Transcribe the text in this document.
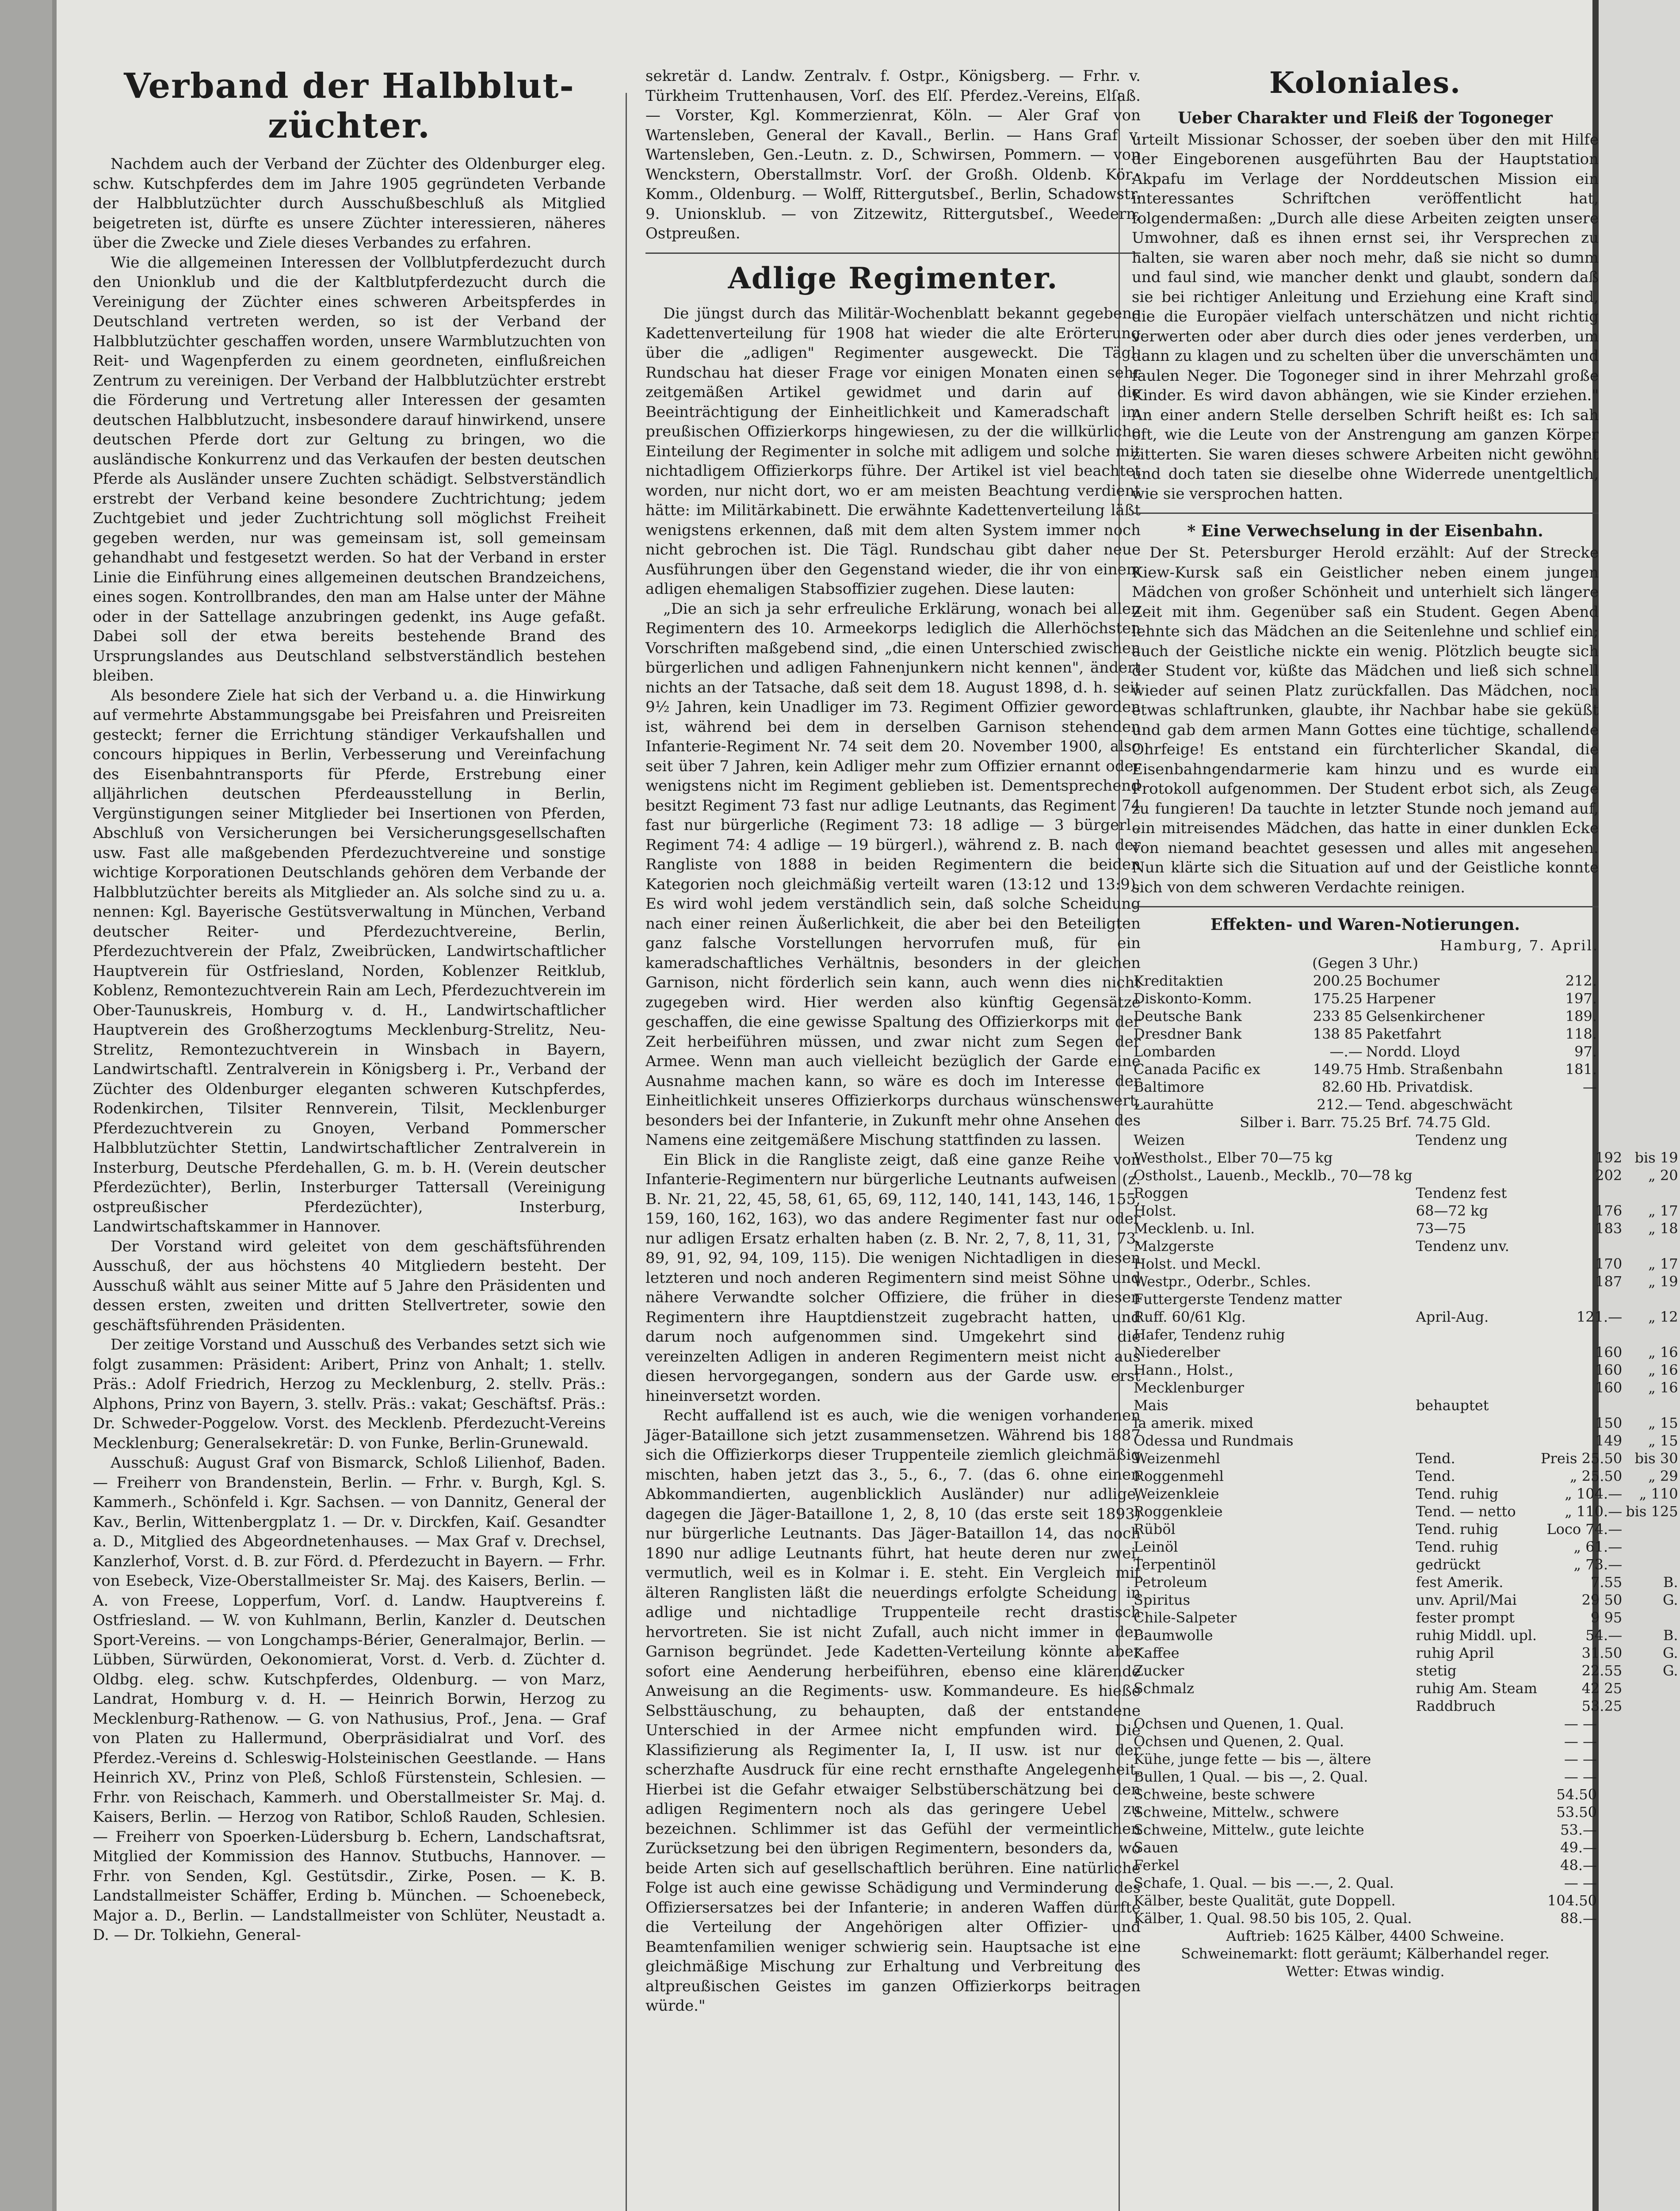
Verband der Halbblut-
züchter.

Nachdem auch der Verband der Züchter des Oldenburger eleg. schw. Kutschpferdes dem im Jahre 1905 gegründeten Verbande der Halbblutzüchter durch Ausschußbeschluß als Mitglied beigetreten ist, dürfte es unsere Züchter interessieren, näheres über die Zwecke und Ziele dieses Verbandes zu erfahren.

Wie die allgemeinen Interessen der Vollblutpferdezucht durch den Unionklub und die der Kaltblutpferdezucht durch die Vereinigung der Züchter eines schweren Arbeitspferdes in Deutschland vertreten werden, so ist der Verband der Halbblutzüchter geschaffen worden, unsere Warmblutzuchten von Reit- und Wagenpferden zu einem geordneten, einflußreichen Zentrum zu vereinigen. Der Verband der Halbblutzüchter erstrebt die Förderung und Vertretung aller Interessen der gesamten deutschen Halbblutzucht, insbesondere darauf hinwirkend, unsere deutschen Pferde dort zur Geltung zu bringen, wo die ausländische Konkurrenz und das Verkaufen der besten deutschen Pferde als Ausländer unsere Zuchten schädigt. Selbstverständlich erstrebt der Verband keine besondere Zuchtrichtung; jedem Zuchtgebiet und jeder Zuchtrichtung soll möglichst Freiheit gegeben werden, nur was gemeinsam ist, soll gemeinsam gehandhabt und festgesetzt werden. So hat der Verband in erster Linie die Einführung eines allgemeinen deutschen Brandzeichens, eines sogen. Kontrollbrandes, den man am Halse unter der Mähne oder in der Sattellage anzubringen gedenkt, ins Auge gefaßt. Dabei soll der etwa bereits bestehende Brand des Ursprungslandes aus Deutschland selbstverständlich bestehen bleiben.

Als besondere Ziele hat sich der Verband u. a. die Hinwirkung auf vermehrte Abstammungsgabe bei Preisfahren und Preisreiten gesteckt; ferner die Errichtung ständiger Verkaufshallen und concours hippiques in Berlin, Verbesserung und Vereinfachung des Eisenbahntransports für Pferde, Erstrebung einer alljährlichen deutschen Pferdeausstellung in Berlin, Vergünstigungen seiner Mitglieder bei Insertionen von Pferden, Abschluß von Versicherungen bei Versicherungsgesellschaften usw. Fast alle maßgebenden Pferdezuchtvereine und sonstige wichtige Korporationen Deutschlands gehören dem Verbande der Halbblutzüchter bereits als Mitglieder an. Als solche sind zu u. a. nennen: Kgl. Bayerische Gestütsverwaltung in München, Verband deutscher Reiter- und Pferdezuchtvereine, Berlin, Pferdezuchtverein der Pfalz, Zweibrücken, Landwirtschaftlicher Hauptverein für Ostfriesland, Norden, Koblenzer Reitklub, Koblenz, Remontezuchtverein Rain am Lech, Pferdezuchtverein im Ober-Taunuskreis, Homburg v. d. H., Landwirtschaftlicher Hauptverein des Großherzogtums Mecklenburg-Strelitz, Neu-Strelitz, Remontezuchtverein in Winsbach in Bayern, Landwirtschaftl. Zentralverein in Königsberg i. Pr., Verband der Züchter des Oldenburger eleganten schweren Kutschpferdes, Rodenkirchen, Tilsiter Rennverein, Tilsit, Mecklenburger Pferdezuchtverein zu Gnoyen, Verband Pommerscher Halbblutzüchter Stettin, Landwirtschaftlicher Zentralverein in Insterburg, Deutsche Pferdehallen, G. m. b. H. (Verein deutscher Pferdezüchter), Berlin, Insterburger Tattersall (Vereinigung ostpreußischer Pferdezüchter), Insterburg, Landwirtschaftskammer in Hannover.

Der Vorstand wird geleitet von dem geschäftsführenden Ausschuß, der aus höchstens 40 Mitgliedern besteht. Der Ausschuß wählt aus seiner Mitte auf 5 Jahre den Präsidenten und dessen ersten, zweiten und dritten Stellvertreter, sowie den geschäftsführenden Präsidenten.

Der zeitige Vorstand und Ausschuß des Verbandes setzt sich wie folgt zusammen: Präsident: Aribert, Prinz von Anhalt; 1. stellv. Präs.: Adolf Friedrich, Herzog zu Mecklenburg, 2. stellv. Präs.: Alphons, Prinz von Bayern, 3. stellv. Präs.: vakat; Geschäftsf. Präs.: Dr. Schweder-Poggelow. Vorst. des Mecklenb. Pferdezucht-Vereins Mecklenburg; Generalsekretär: D. von Funke, Berlin-Grunewald.

Ausschuß: August Graf von Bismarck, Schloß Lilienhof, Baden. — Freiherr von Brandenstein, Berlin. — Frhr. v. Burgh, Kgl. S. Kammerh., Schönfeld i. Kgr. Sachsen. — von Dannitz, General der Kav., Berlin, Wittenbergplatz 1. — Dr. v. Dirckfen, Kaiſ. Gesandter a. D., Mitglied des Abgeordnetenhauses. — Max Graf v. Drechsel, Kanzlerhof, Vorst. d. B. zur Förd. d. Pferdezucht in Bayern. — Frhr. von Esebeck, Vize-Oberstallmeister Sr. Maj. des Kaisers, Berlin. — A. von Freese, Lopperfum, Vorſ. d. Landw. Hauptvereins f. Ostfriesland. — W. von Kuhlmann, Berlin, Kanzler d. Deutschen Sport-Vereins. — von Longchamps-Bérier, Generalmajor, Berlin. — Lübben, Sürwürden, Oekonomierat, Vorst. d. Verb. d. Züchter d. Oldbg. eleg. schw. Kutschpferdes, Oldenburg. — von Marz, Landrat, Homburg v. d. H. — Heinrich Borwin, Herzog zu Mecklenburg-Rathenow. — G. von Nathusius, Prof., Jena. — Graf von Platen zu Hallermund, Oberpräsidialrat und Vorſ. des Pferdez.-Vereins d. Schleswig-Holsteinischen Geestlande. — Hans Heinrich XV., Prinz von Pleß, Schloß Fürstenstein, Schlesien. — Frhr. von Reischach, Kammerh. und Oberstallmeister Sr. Maj. d. Kaisers, Berlin. — Herzog von Ratibor, Schloß Rauden, Schlesien. — Freiherr von Spoerken-Lüdersburg b. Echern, Landschaftsrat, Mitglied der Kommission des Hannov. Stutbuchs, Hannover. — Frhr. von Senden, Kgl. Gestütsdir., Zirke, Posen. — K. B. Landstallmeister Schäffer, Erding b. München. — Schoenebeck, Major a. D., Berlin. — Landstallmeister von Schlüter, Neustadt a. D. — Dr. Tolkiehn, General-

sekretär d. Landw. Zentralv. f. Ostpr., Königsberg. — Frhr. v. Türkheim Truttenhausen, Vorſ. des Elſ. Pferdez.-Vereins, Elſaß. — Vorster, Kgl. Kommerzienrat, Köln. — Aler Graf von Wartensleben, General der Kavall., Berlin. — Hans Graf v. Wartensleben, Gen.-Leutn. z. D., Schwirsen, Pommern. — von Wenckstern, Oberstallmstr. Vorſ. der Großh. Oldenb. Kör.-Komm., Oldenburg. — Wolff, Rittergutsbeſ., Berlin, Schadowstr. 9. Unionsklub. — von Zitzewitz, Rittergutsbeſ., Weedern, Ostpreußen.

Adlige Regimenter.

Die jüngst durch das Militär-Wochenblatt bekannt gegebene Kadettenverteilung für 1908 hat wieder die alte Erörterung über die „adligen" Regimenter ausgeweckt. Die Tägl. Rundschau hat dieser Frage vor einigen Monaten einen sehr zeitgemäßen Artikel gewidmet und darin auf die Beeinträchtigung der Einheitlichkeit und Kameradschaft im preußischen Offizierkorps hingewiesen, zu der die willkürliche Einteilung der Regimenter in solche mit adligem und solche mit nichtadligem Offizierkorps führe. Der Artikel ist viel beachtet worden, nur nicht dort, wo er am meisten Beachtung verdient hätte: im Militärkabinett. Die erwähnte Kadettenverteilung läßt wenigstens erkennen, daß mit dem alten System immer noch nicht gebrochen ist. Die Tägl. Rundschau gibt daher neue Ausführungen über den Gegenstand wieder, die ihr von einem adligen ehemaligen Stabsoffizier zugehen. Diese lauten:

„Die an sich ja sehr erfreuliche Erklärung, wonach bei allen Regimentern des 10. Armeekorps lediglich die Allerhöchsten Vorschriften maßgebend sind, „die einen Unterschied zwischen bürgerlichen und adligen Fahnenjunkern nicht kennen", ändert nichts an der Tatsache, daß seit dem 18. August 1898, d. h. seit 9½ Jahren, kein Unadliger im 73. Regiment Offizier geworden ist, während bei dem in derselben Garnison stehenden Infanterie-Regiment Nr. 74 seit dem 20. November 1900, also seit über 7 Jahren, kein Adliger mehr zum Offizier ernannt oder wenigstens nicht im Regiment geblieben ist. Dementsprechend besitzt Regiment 73 fast nur adlige Leutnants, das Regiment 74 fast nur bürgerliche (Regiment 73: 18 adlige — 3 bürgerl., Regiment 74: 4 adlige — 19 bürgerl.), während z. B. nach der Rangliste von 1888 in beiden Regimentern die beiden Kategorien noch gleichmäßig verteilt waren (13:12 und 13:9). Es wird wohl jedem verständlich sein, daß solche Scheidung nach einer reinen Äußerlichkeit, die aber bei den Beteiligten ganz falsche Vorstellungen hervorrufen muß, für ein kameradschaftliches Verhältnis, besonders in der gleichen Garnison, nicht förderlich sein kann, auch wenn dies nicht zugegeben wird. Hier werden also künftig Gegensätze geschaffen, die eine gewisse Spaltung des Offizierkorps mit der Zeit herbeiführen müssen, und zwar nicht zum Segen der Armee. Wenn man auch vielleicht bezüglich der Garde eine Ausnahme machen kann, so wäre es doch im Interesse der Einheitlichkeit unseres Offizierkorps durchaus wünschenswert, besonders bei der Infanterie, in Zukunft mehr ohne Ansehen des Namens eine zeitgemäßere Mischung stattfinden zu lassen.

Ein Blick in die Rangliste zeigt, daß eine ganze Reihe von Infanterie-Regimentern nur bürgerliche Leutnants aufweisen (z. B. Nr. 21, 22, 45, 58, 61, 65, 69, 112, 140, 141, 143, 146, 155, 159, 160, 162, 163), wo das andere Regimenter fast nur oder nur adligen Ersatz erhalten haben (z. B. Nr. 2, 7, 8, 11, 31, 73, 89, 91, 92, 94, 109, 115). Die wenigen Nichtadligen in diesen letzteren und noch anderen Regimentern sind meist Söhne und nähere Verwandte solcher Offiziere, die früher in diesen Regimentern ihre Hauptdienstzeit zugebracht hatten, und darum noch aufgenommen sind. Umgekehrt sind die vereinzelten Adligen in anderen Regimentern meist nicht aus diesen hervorgegangen, sondern aus der Garde usw. erst hineinversetzt worden.

Recht auffallend ist es auch, wie die wenigen vorhandenen Jäger-Bataillone sich jetzt zusammensetzen. Während bis 1887 sich die Offizierkorps dieser Truppenteile ziemlich gleichmäßig mischten, haben jetzt das 3., 5., 6., 7. (das 6. ohne einen Abkommandierten, augenblicklich Ausländer) nur adlige, dagegen die Jäger-Bataillone 1, 2, 8, 10 (das erste seit 1893) nur bürgerliche Leutnants. Das Jäger-Bataillon 14, das noch 1890 nur adlige Leutnants führt, hat heute deren nur zwei, vermutlich, weil es in Kolmar i. E. steht. Ein Vergleich mit älteren Ranglisten läßt die neuerdings erfolgte Scheidung in adlige und nichtadlige Truppenteile recht drastisch hervortreten. Sie ist nicht Zufall, auch nicht immer in der Garnison begründet. Jede Kadetten-Verteilung könnte aber sofort eine Aenderung herbeiführen, ebenso eine klärende Anweisung an die Regiments- usw. Kommandeure. Es hieße Selbsttäuschung, zu behaupten, daß der entstandene Unterschied in der Armee nicht empfunden wird. Die Klassifizierung als Regimenter Ia, I, II usw. ist nur der scherzhafte Ausdruck für eine recht ernsthafte Angelegenheit. Hierbei ist die Gefahr etwaiger Selbstüberschätzung bei den adligen Regimentern noch als das geringere Uebel zu bezeichnen. Schlimmer ist das Gefühl der vermeintlichen Zurücksetzung bei den übrigen Regimentern, besonders da, wo beide Arten sich auf gesellschaftlich berühren. Eine natürliche Folge ist auch eine gewisse Schädigung und Verminderung des Offiziersersatzes bei der Infanterie; in anderen Waffen dürfte die Verteilung der Angehörigen alter Offizier- und Beamtenfamilien weniger schwierig sein. Hauptsache ist eine gleichmäßige Mischung zur Erhaltung und Verbreitung des altpreußischen Geistes im ganzen Offizierkorps beitragen würde."

Koloniales.
Ueber Charakter und Fleiß der Togoneger

urteilt Missionar Schosser, der soeben über den mit Hilfe der Eingeborenen ausgeführten Bau der Hauptstation Akpafu im Verlage der Norddeutschen Mission ein interessantes Schriftchen veröffentlicht hat, folgendermaßen: „Durch alle diese Arbeiten zeigten unsere Umwohner, daß es ihnen ernst sei, ihr Versprechen zu halten, sie waren aber noch mehr, daß sie nicht so dumm und faul sind, wie mancher denkt und glaubt, sondern daß sie bei richtiger Anleitung und Erziehung eine Kraft sind, die die Europäer vielfach unterschätzen und nicht richtig verwerten oder aber durch dies oder jenes verderben, um dann zu klagen und zu schelten über die unverschämten und faulen Neger. Die Togoneger sind in ihrer Mehrzahl große Kinder. Es wird davon abhängen, wie sie Kinder erziehen." An einer andern Stelle derselben Schrift heißt es: Ich sah oft, wie die Leute von der Anstrengung am ganzen Körper zitterten. Sie waren dieses schwere Arbeiten nicht gewöhnt und doch taten sie dieselbe ohne Widerrede unentgeltlich, wie sie versprochen hatten.

* Eine Verwechselung in der Eisenbahn.

Der St. Petersburger Herold erzählt: Auf der Strecke Kiew-Kursk saß ein Geistlicher neben einem jungen Mädchen von großer Schönheit und unterhielt sich längere Zeit mit ihm. Gegenüber saß ein Student. Gegen Abend lehnte sich das Mädchen an die Seitenlehne und schlief ein; auch der Geistliche nickte ein wenig. Plötzlich beugte sich der Student vor, küßte das Mädchen und ließ sich schnell wieder auf seinen Platz zurückfallen. Das Mädchen, noch etwas schlaftrunken, glaubte, ihr Nachbar habe sie geküßt und gab dem armen Mann Gottes eine tüchtige, schallende Ohrfeige! Es entstand ein fürchterlicher Skandal, die Eisenbahngendarmerie kam hinzu und es wurde ein Protokoll aufgenommen. Der Student erbot sich, als Zeuge zu fungieren! Da tauchte in letzter Stunde noch jemand auf, ein mitreisendes Mädchen, das hatte in einer dunklen Ecke von niemand beachtet gesessen und alles mit angesehen. Nun klärte sich die Situation auf und der Geistliche konnte sich von dem schweren Verdachte reinigen.

Effekten- und Waren-Notierungen.
Hamburg, 7. April.
(Gegen 3 Uhr.)
Kreditaktien	200.25	Bochumer	212.
Diskonto-Komm.	175.25	Harpener	197.
Deutsche Bank	233 85	Gelsenkirchener	189.
Dresdner Bank	138 85	Paketfahrt	118.
Lombarden	—.—	Nordd. Lloyd	97.
Canada Pacific ex	149.75	Hmb. Straßenbahn	181.
Baltimore	82.60	Hb. Privatdisk.	—
Laurahütte	212.—	Tend. abgeschwächt	
Silber i. Barr. 75.25 Brf. 74.75 Gld.
Weizen	Tendenz ung		
Westholst., Elber 70—75 kg		192	bis 19
Ostholst., Lauenb., Mecklb., 70—78 kg		202	„ 20
Roggen	Tendenz fest		
Holst.	68—72 kg	176	„ 17
Mecklenb. u. Inl.	73—75	183	„ 18
Malzgerste	Tendenz unv.		
Holst. und Meckl.		170	„ 17
Westpr., Oderbr., Schles.		187	„ 19
Futtergerste Tendenz matter			
Ruff. 60/61 Klg.	April-Aug.	121.—	„ 12
Hafer, Tendenz ruhig			
Niederelber		160	„ 16
Hann., Holst.,		160	„ 16
Mecklenburger		160	„ 16
Mais	behauptet		
la amerik. mixed		150	„ 15
Odessa und Rundmais		149	„ 15
Weizenmehl	Tend.	Preis 25.50	bis 30
Roggenmehl	Tend.	„ 25.50	„ 29
Weizenkleie	Tend. ruhig	„ 104.—	„ 110
Roggenkleie	Tend. — netto	„ 110.—	bis 125
Rüböl	Tend. ruhig	Loco 74.—	
Leinöl	Tend. ruhig	„ 61.—	
Terpentinöl	gedrückt	„ 73.—	
Petroleum	fest Amerik.	7.55	B.
Spiritus	unv. April/Mai	29 50	G.
Chile-Salpeter	fester prompt	9 95	
Baumwolle	ruhig Middl. upl.	54.—	B.
Kaffee	ruhig April	31.50	G.
Zucker	stetig	22.55	G.
Schmalz	ruhig Am. Steam	42 25	
	Raddbruch	53.25	
Ochsen und Quenen, 1. Qual.	— —
Ochsen und Quenen, 2. Qual.	— —
Kühe, junge fette — bis —, ältere	— —
Bullen, 1 Qual. — bis —, 2. Qual.	— —
Schweine, beste schwere	54.50
Schweine, Mittelw., schwere	53.50
Schweine, Mittelw., gute leichte	53.—
Sauen	49.—
Ferkel	48.—
Schafe, 1. Qual. — bis —.—, 2. Qual.	— —
Kälber, beste Qualität, gute Doppell.	104.50
Kälber, 1. Qual. 98.50 bis 105, 2. Qual.	88.—
Auftrieb: 1625 Kälber, 4400 Schweine.
Schweinemarkt: flott geräumt; Kälberhandel reger.
Wetter: Etwas windig.
